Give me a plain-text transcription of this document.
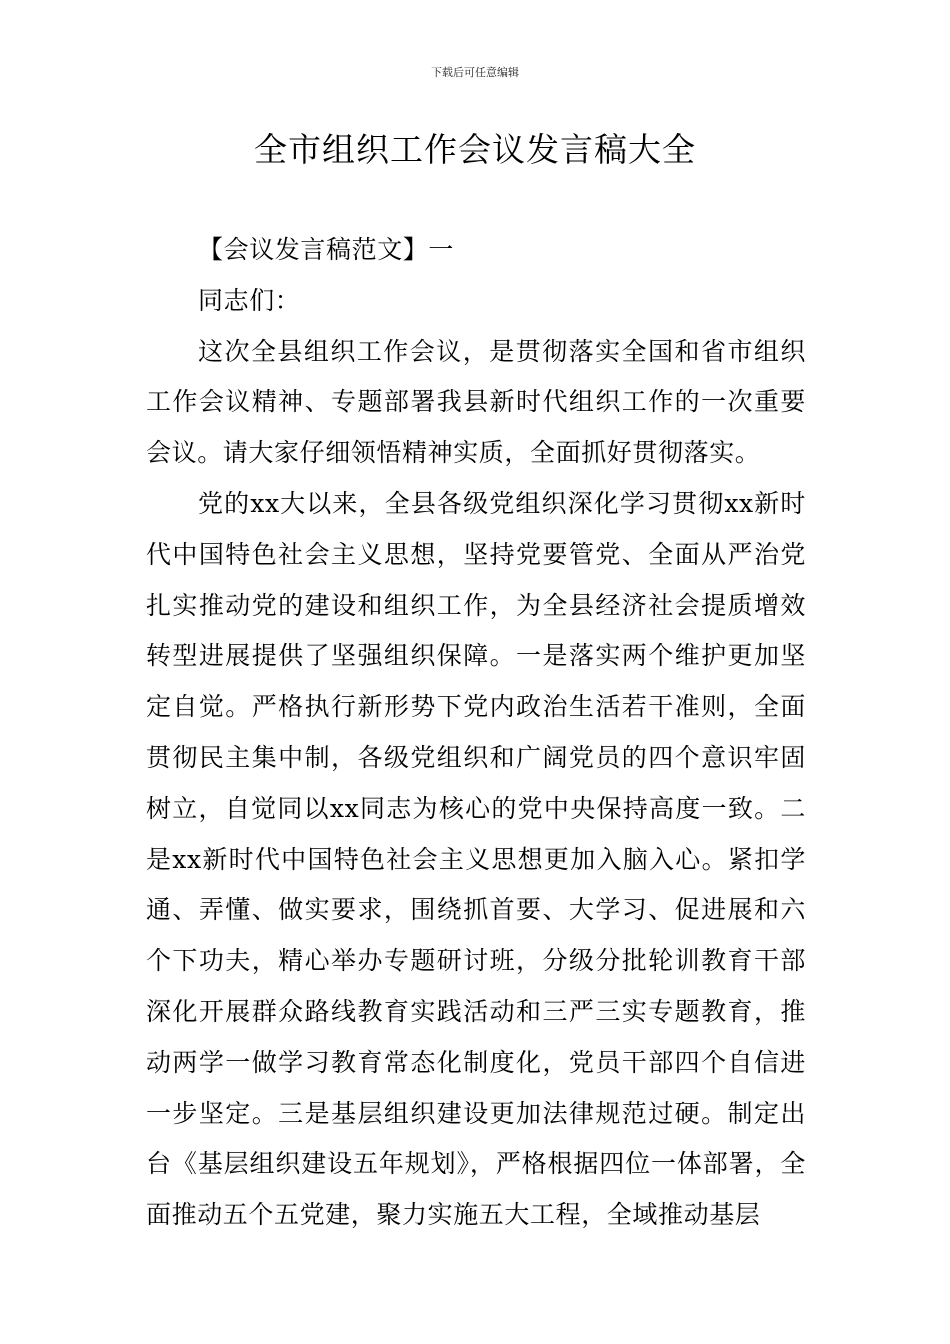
下载后可任意编辑
全市组织工作会议发言稿大全

【会议发言稿范文】一

同志们：

这次全县组织工作会议，是贯彻落实全国和省市组织工作会议精神、专题部署我县新时代组织工作的一次重要会议。请大家仔细领悟精神实质，全面抓好贯彻落实。

党的xx大以来，全县各级党组织深化学习贯彻xx新时代中国特色社会主义思想，坚持党要管党、全面从严治党扎实推动党的建设和组织工作，为全县经济社会提质增效转型进展提供了坚强组织保障。一是落实两个维护更加坚定自觉。严格执行新形势下党内政治生活若干准则，全面贯彻民主集中制，各级党组织和广阔党员的四个意识牢固树立，自觉同以xx同志为核心的党中央保持高度一致。二是xx新时代中国特色社会主义思想更加入脑入心。紧扣学通、弄懂、做实要求，围绕抓首要、大学习、促进展和六个下功夫，精心举办专题研讨班，分级分批轮训教育干部深化开展群众路线教育实践活动和三严三实专题教育，推动两学一做学习教育常态化制度化，党员干部四个自信进一步坚定。三是基层组织建设更加法律规范过硬。制定出台《基层组织建设五年规划》，严格根据四位一体部署，全面推动五个五党建，聚力实施五大工程，全域推动基层
